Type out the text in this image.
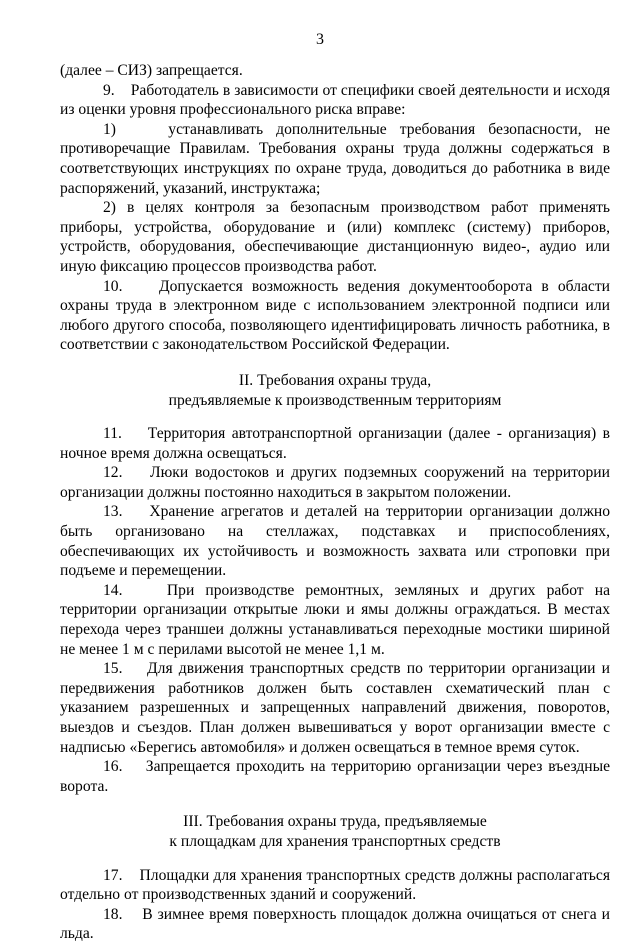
3

(далее – СИЗ) запрещается.

9.    Работодатель в зависимости от специфики своей деятельности и исходя из оценки уровня профессионального риска вправе:

1)    устанавливать дополнительные требования безопасности, не противоречащие Правилам. Требования охраны труда должны содержаться в соответствующих инструкциях по охране труда, доводиться до работника в виде распоряжений, указаний, инструктажа;

2) в целях контроля за безопасным производством работ применять приборы, устройства, оборудование и (или) комплекс (систему) приборов, устройств, оборудования, обеспечивающие дистанционную видео-, аудио или иную фиксацию процессов производства работ.

10.    Допускается возможность ведения документооборота в области охраны труда в электронном виде с использованием электронной подписи или любого другого способа, позволяющего идентифицировать личность работника, в соответствии с законодательством Российской Федерации.

II. Требования охраны труда,
предъявляемые к производственным территориям

11.    Территория автотранспортной организации (далее - организация) в ночное время должна освещаться.

12.    Люки водостоков и других подземных сооружений на территории организации должны постоянно находиться в закрытом положении.

13.    Хранение агрегатов и деталей на территории организации должно быть организовано на стеллажах, подставках и приспособлениях, обеспечивающих их устойчивость и возможность захвата или строповки при подъеме и перемещении.

14.    При производстве ремонтных, земляных и других работ на территории организации открытые люки и ямы должны ограждаться. В местах перехода через траншеи должны устанавливаться переходные мостики шириной не менее 1 м с перилами высотой не менее 1,1 м.

15.    Для движения транспортных средств по территории организации и передвижения работников должен быть составлен схематический план с указанием разрешенных и запрещенных направлений движения, поворотов, выездов и съездов. План должен вывешиваться у ворот организации вместе с надписью «Берегись автомобиля» и должен освещаться в темное время суток.

16.    Запрещается проходить на территорию организации через въездные ворота.

III. Требования охраны труда, предъявляемые
к площадкам для хранения транспортных средств

17.    Площадки для хранения транспортных средств должны располагаться отдельно от производственных зданий и сооружений.

18.    В зимнее время поверхность площадок должна очищаться от снега и льда.
